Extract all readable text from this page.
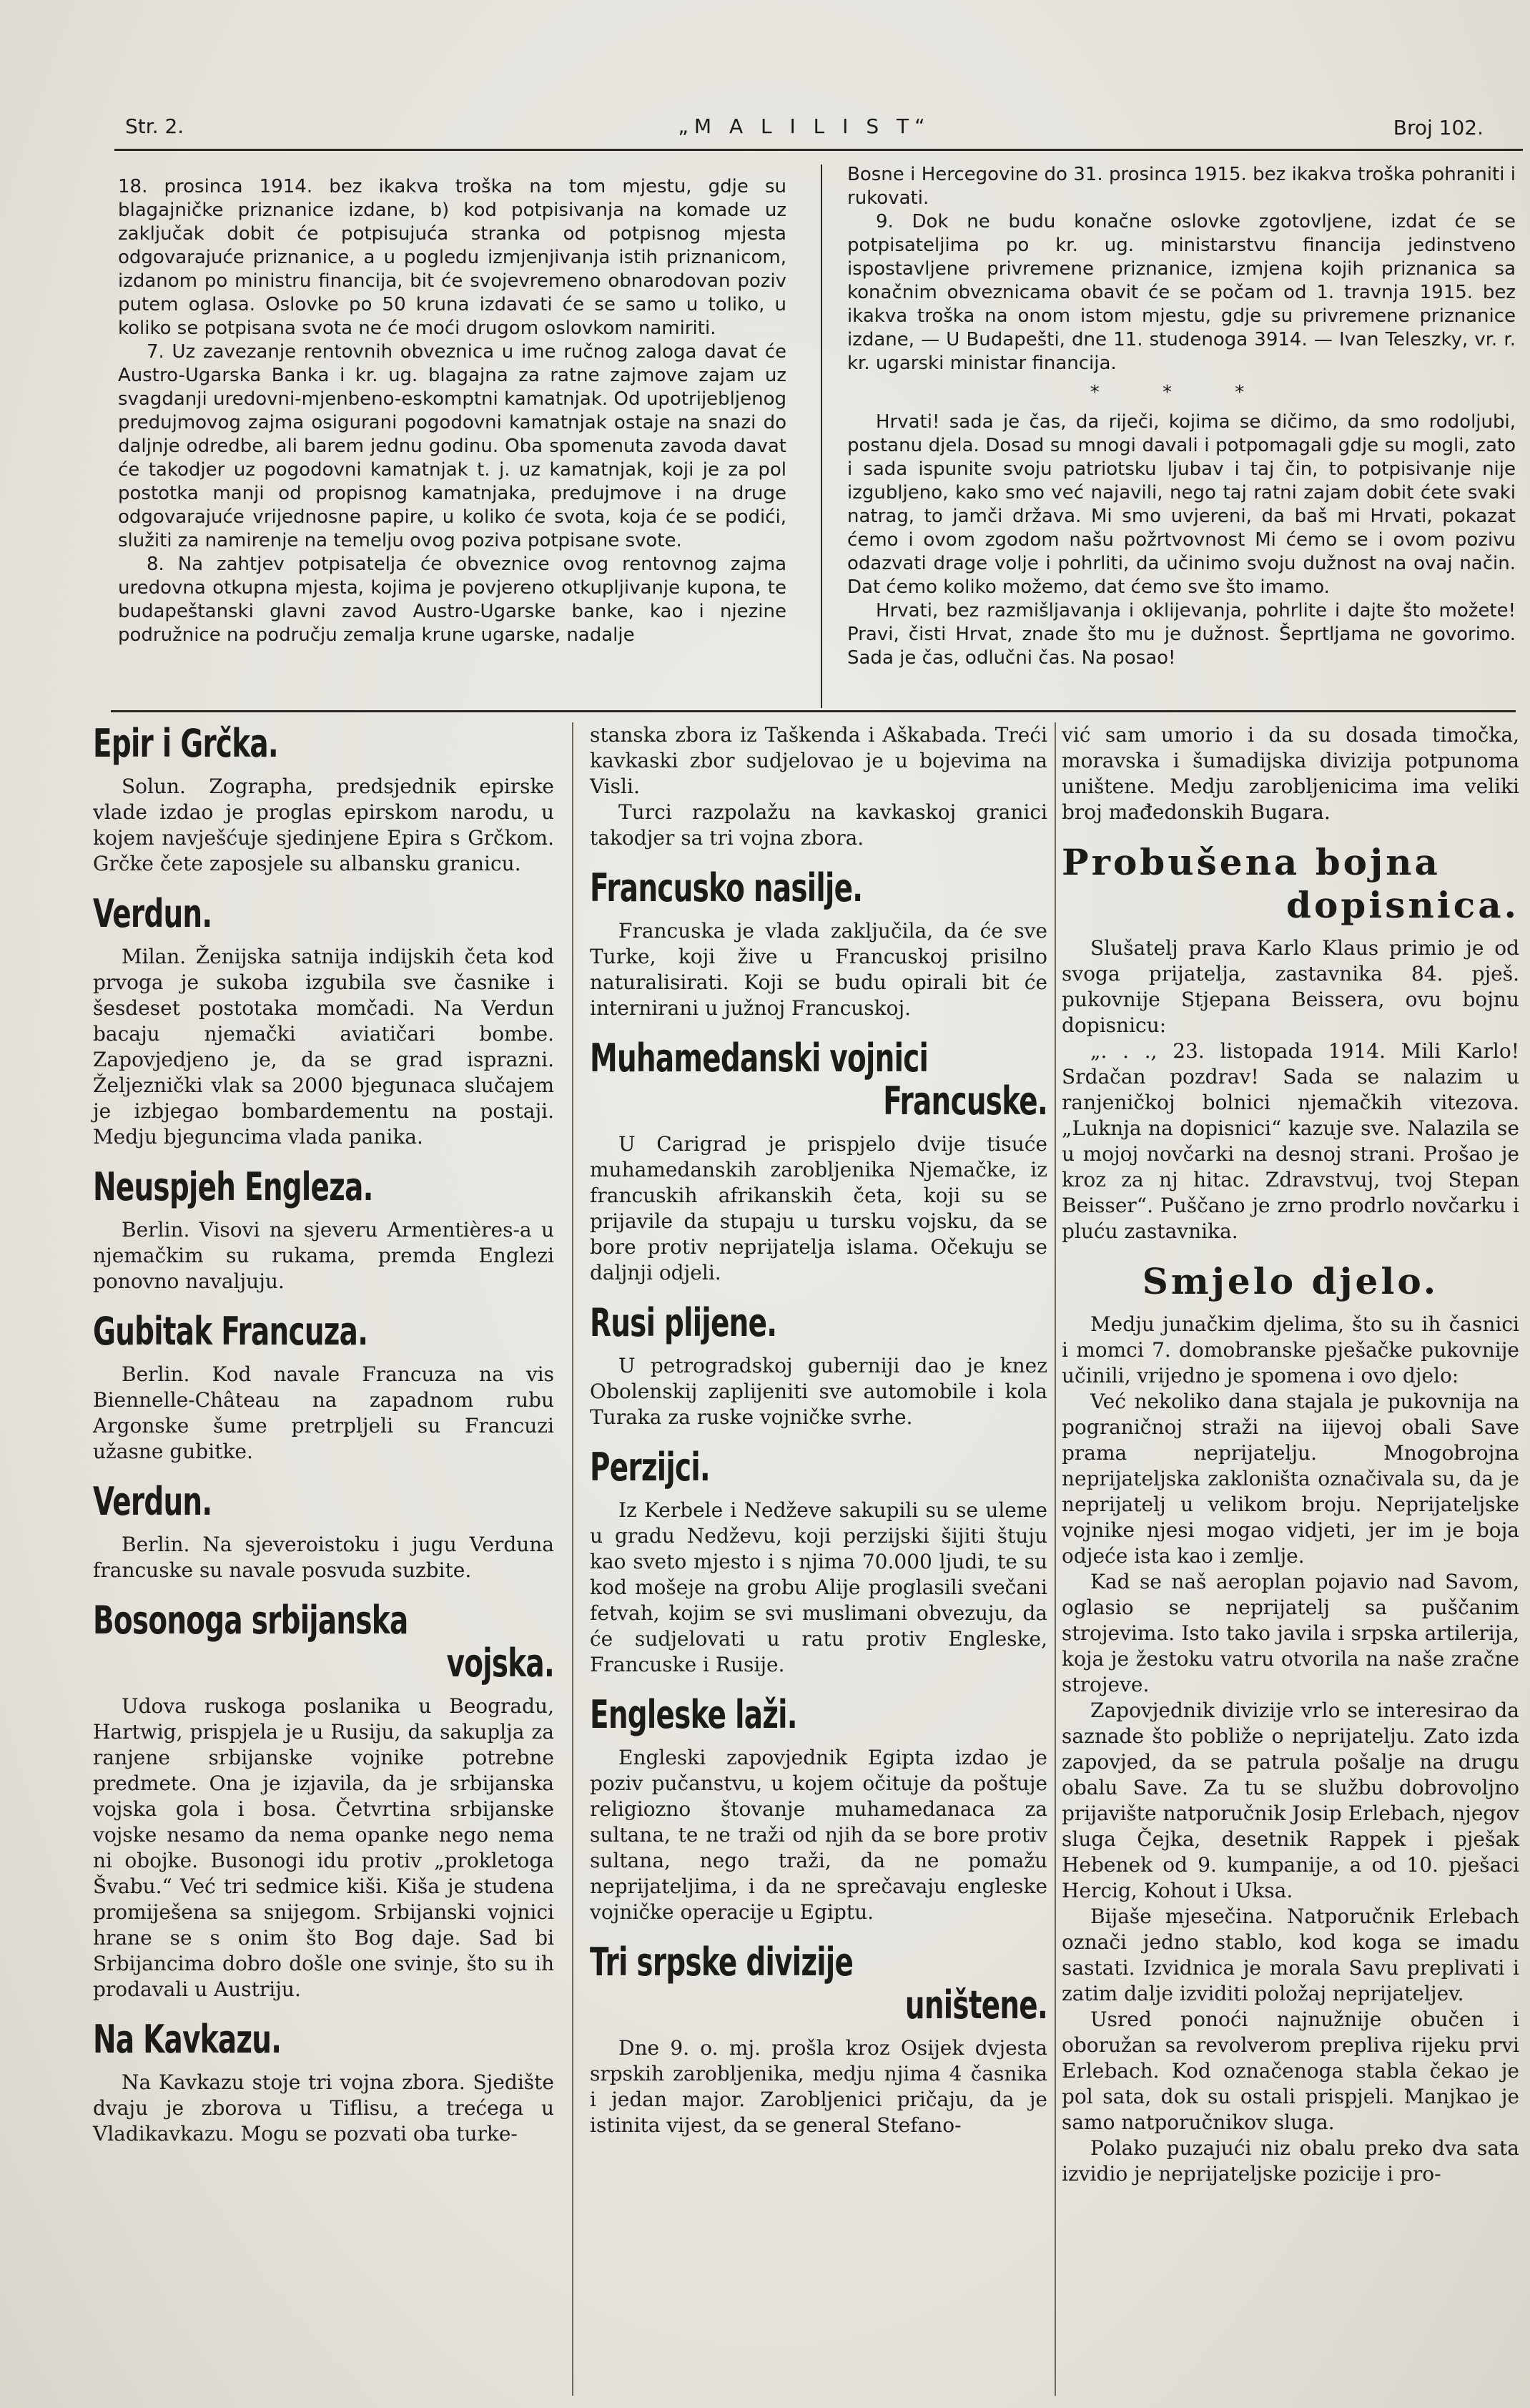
Str. 2.	„M A L I L I S T“	Broj 102.

18. prosinca 1914. bez ikakva troška na tom mjestu, gdje su blagajničke priznanice izdane, b) kod potpisivanja na komade uz zaključak dobit će potpisujuća stranka od potpisnog mjesta odgovarajuće priznanice, a u pogledu izmjenjivanja istih priznanicom, izdanom po ministru financija, bit će svojevremeno obnarodovan poziv putem oglasa. Oslovke po 50 kruna izdavati će se samo u toliko, u koliko se potpisana svota ne će moći drugom oslovkom namiriti.

7. Uz zavezanje rentovnih obveznica u ime ručnog zaloga davat će Austro-Ugarska Banka i kr. ug. blagajna za ratne zajmove zajam uz svagdanji uredovni-mjenbeno-eskomptni kamatnjak. Od upotrijebljenog predujmovog zajma osigurani pogodovni kamatnjak ostaje na snazi do daljnje odredbe, ali barem jednu godinu. Oba spomenuta zavoda davat će takodjer uz pogodovni kamatnjak t. j. uz kamatnjak, koji je za pol postotka manji od propisnog kamatnjaka, predujmove i na druge odgovarajuće vrijednosne papire, u koliko će svota, koja će se podići, služiti za namirenje na temelju ovog poziva potpisane svote.

8. Na zahtjev potpisatelja će obveznice ovog rentovnog zajma uredovna otkupna mjesta, kojima je povjereno otkupljivanje kupona, te budapeštanski glavni zavod Austro-Ugarske banke, kao i njezine podružnice na području zemalja krune ugarske, nadalje

Bosne i Hercegovine do 31. prosinca 1915. bez ikakva troška pohraniti i rukovati.

9. Dok ne budu konačne oslovke zgotovljene, izdat će se potpisateljima po kr. ug. ministarstvu financija jedinstveno ispostavljene privremene priznanice, izmjena kojih priznanica sa konačnim obveznicama obavit će se počam od 1. travnja 1915. bez ikakva troška na onom istom mjestu, gdje su privremene priznanice izdane, — U Budapešti, dne 11. studenoga 3914. — Ivan Teleszky, vr. r. kr. ugarski ministar financija.

* * *

Hrvati! sada je čas, da riječi, kojima se dičimo, da smo rodoljubi, postanu djela. Dosad su mnogi davali i potpomagali gdje su mogli, zato i sada ispunite svoju patriotsku ljubav i taj čin, to potpisivanje nije izgubljeno, kako smo već najavili, nego taj ratni zajam dobit ćete svaki natrag, to jamči država. Mi smo uvjereni, da baš mi Hrvati, pokazat ćemo i ovom zgodom našu požrtvovnost Mi ćemo se i ovom pozivu odazvati drage volje i pohrliti, da učinimo svoju dužnost na ovaj način. Dat ćemo koliko možemo, dat ćemo sve što imamo.

Hrvati, bez razmišljavanja i oklijevanja, pohrlite i dajte što možete! Pravi, čisti Hrvat, znade što mu je dužnost. Šeprtljama ne govorimo. Sada je čas, odlučni čas. Na posao!

Epir i Grčka.

Solun. Zographa, predsjednik epirske vlade izdao je proglas epirskom narodu, u kojem navješćuje sjedinjene Epira s Grčkom. Grčke čete zaposjele su albansku granicu.

Verdun.

Milan. Ženijska satnija indijskih četa kod prvoga je sukoba izgubila sve časnike i šesdeset postotaka momčadi. Na Verdun bacaju njemački aviatičari bombe. Zapovjedjeno je, da se grad isprazni. Željeznički vlak sa 2000 bjegunaca slučajem je izbjegao bombardementu na postaji. Medju bjeguncima vlada panika.

Neuspjeh Engleza.

Berlin. Visovi na sjeveru Armentières-a u njemačkim su rukama, premda Englezi ponovno navaljuju.

Gubitak Francuza.

Berlin. Kod navale Francuza na vis Biennelle-Château na zapadnom rubu Argonske šume pretrpljeli su Francuzi užasne gubitke.

Verdun.

Berlin. Na sjeveroistoku i jugu Verduna francuske su navale posvuda suzbite.

Bosonoga srbijanska
vojska.

Udova ruskoga poslanika u Beogradu, Hartwig, prispjela je u Rusiju, da sakuplja za ranjene srbijanske vojnike potrebne predmete. Ona je izjavila, da je srbijanska vojska gola i bosa. Četvrtina srbijanske vojske nesamo da nema opanke nego nema ni obojke. Busonogi idu protiv „prokletoga Švabu.“ Već tri sedmice kiši. Kiša je studena promiješena sa snijegom. Srbijanski vojnici hrane se s onim što Bog daje. Sad bi Srbijancima dobro došle one svinje, što su ih prodavali u Austriju.

Na Kavkazu.

Na Kavkazu stoje tri vojna zbora. Sjedište dvaju je zborova u Tiflisu, a trećega u Vladikavkazu. Mogu se pozvati oba turke-

stanska zbora iz Taškenda i Aškabada. Treći kavkaski zbor sudjelovao je u bojevima na Visli.

Turci razpolažu na kavkaskoj granici takodjer sa tri vojna zbora.

Francusko nasilje.

Francuska je vlada zaključila, da će sve Turke, koji žive u Francuskoj prisilno naturalisirati. Koji se budu opirali bit će internirani u južnoj Francuskoj.

Muhamedanski vojnici
Francuske.

U Carigrad je prispjelo dvije tisuće muhamedanskih zarobljenika Njemačke, iz francuskih afrikanskih četa, koji su se prijavile da stupaju u tursku vojsku, da se bore protiv neprijatelja islama. Očekuju se daljnji odjeli.

Rusi plijene.

U petrogradskoj guberniji dao je knez Obolenskij zaplijeniti sve automobile i kola Turaka za ruske vojničke svrhe.

Perzijci.

Iz Kerbele i Nedževe sakupili su se uleme u gradu Nedževu, koji perzijski šijiti štuju kao sveto mjesto i s njima 70.000 ljudi, te su kod mošeje na grobu Alije proglasili svečani fetvah, kojim se svi muslimani obvezuju, da će sudjelovati u ratu protiv Engleske, Francuske i Rusije.

Engleske laži.

Engleski zapovjednik Egipta izdao je poziv pučanstvu, u kojem očituje da poštuje religiozno štovanje muhamedanaca za sultana, te ne traži od njih da se bore protiv sultana, nego traži, da ne pomažu neprijateljima, i da ne sprečavaju engleske vojničke operacije u Egiptu.

Tri srpske divizije
uništene.

Dne 9. o. mj. prošla kroz Osijek dvjesta srpskih zarobljenika, medju njima 4 časnika i jedan major. Zarobljenici pričaju, da je istinita vijest, da se general Stefano-

vić sam umorio i da su dosada timočka, moravska i šumadijska divizija potpunoma uništene. Medju zarobljenicima ima veliki broj mađedonskih Bugara.

Probušena bojna
dopisnica.

Slušatelj prava Karlo Klaus primio je od svoga prijatelja, zastavnika 84. pješ. pukovnije Stjepana Beissera, ovu bojnu dopisnicu:

„. . ., 23. listopada 1914. Mili Karlo! Srdačan pozdrav! Sada se nalazim u ranjeničkoj bolnici njemačkih vitezova. „Luknja na dopisnici“ kazuje sve. Nalazila se u mojoj novčarki na desnoj strani. Prošao je kroz za nj hitac. Zdravstvuj, tvoj Stepan Beisser“. Puščano je zrno prodrlo novčarku i pluću zastavnika.

Smjelo djelo.

Medju junačkim djelima, što su ih časnici i momci 7. domobranske pješačke pukovnije učinili, vrijedno je spomena i ovo djelo:

Već nekoliko dana stajala je pukovnija na pograničnoj straži na iijevoj obali Save prama neprijatelju. Mnogobrojna neprijateljska zakloništa označivala su, da je neprijatelj u velikom broju. Neprijateljske vojnike njesi mogao vidjeti, jer im je boja odjeće ista kao i zemlje.

Kad se naš aeroplan pojavio nad Savom, oglasio se neprijatelj sa puščanim strojevima. Isto tako javila i srpska artilerija, koja je žestoku vatru otvorila na naše zračne strojeve.

Zapovjednik divizije vrlo se interesirao da saznade što pobliže o neprijatelju. Zato izda zapovjed, da se patrula pošalje na drugu obalu Save. Za tu se službu dobrovoljno prijavište natporučnik Josip Erlebach, njegov sluga Čejka, desetnik Rappek i pješak Hebenek od 9. kumpanije, a od 10. pješaci Hercig, Kohout i Uksa.

Bijaše mjesečina. Natporučnik Erlebach označi jedno stablo, kod koga se imadu sastati. Izvidnica je morala Savu preplivati i zatim dalje izviditi položaj neprijateljev.

Usred ponoći najnužnije obučen i oboružan sa revolverom prepliva rijeku prvi Erlebach. Kod označenoga stabla čekao je pol sata, dok su ostali prispjeli. Manjkao je samo natporučnikov sluga.

Polako puzajući niz obalu preko dva sata izvidio je neprijateljske pozicije i pro-
